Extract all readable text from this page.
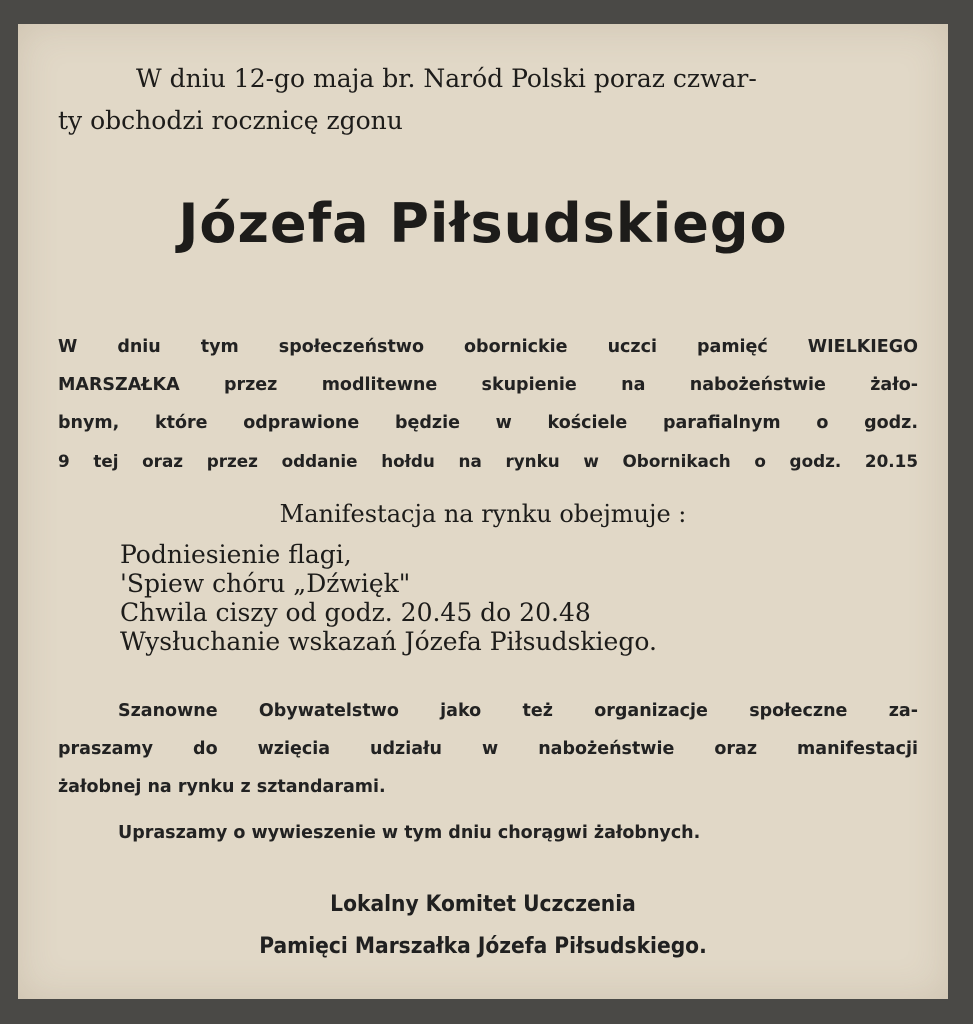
W dniu 12-go maja br. Naród Polski poraz czwar-
ty obchodzi rocznicę zgonu
Józefa Piłsudskiego
W dniu tym społeczeństwo obornickie uczci pamięć WIELKIEGO
MARSZAŁKA przez modlitewne skupienie na nabożeństwie żało-
bnym, które odprawione będzie w kościele parafialnym o godz.
9 tej oraz przez oddanie hołdu na rynku w Obornikach o godz. 20.15
Manifestacja na rynku obejmuje :
Podniesienie flagi,
'Spiew chóru „Dźwięk"
Chwila ciszy od godz. 20.45 do 20.48
Wysłuchanie wskazań Józefa Piłsudskiego.
Szanowne Obywatelstwo jako też organizacje społeczne za-
praszamy do wzięcia udziału w nabożeństwie oraz manifestacji
żałobnej na rynku z sztandarami.
Upraszamy o wywieszenie w tym dniu chorągwi żałobnych.
Lokalny Komitet Uczczenia
Pamięci Marszałka Józefa Piłsudskiego.
